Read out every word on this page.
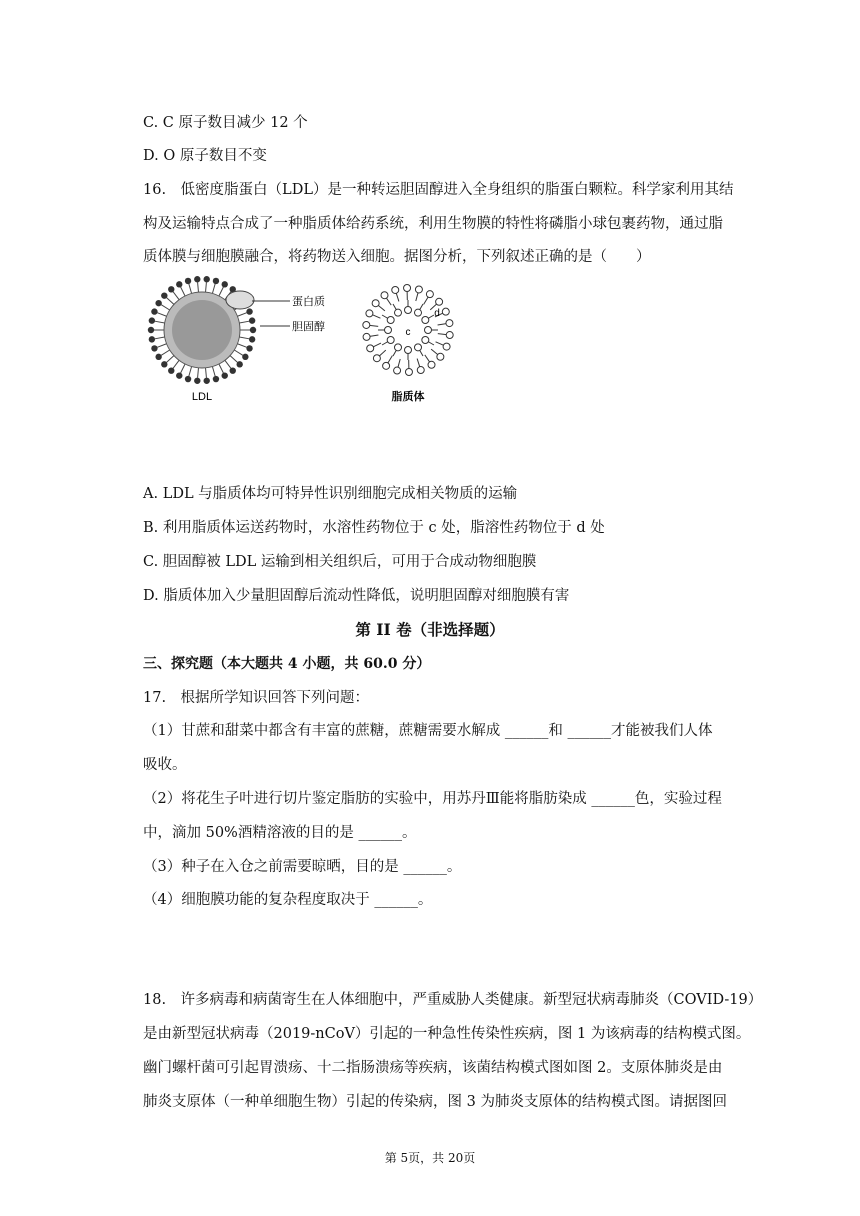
C. C 原子数目减少 12 个
D. O 原子数目不变
16.　低密度脂蛋白（LDL）是一种转运胆固醇进入全身组织的脂蛋白颗粒。科学家利用其结
构及运输特点合成了一种脂质体给药系统，利用生物膜的特性将磷脂小球包裹药物，通过脂
质体膜与细胞膜融合，将药物送入细胞。据图分析，下列叙述正确的是（　　）
LDL
蛋白质
胆固醇	c
d
脂质体
A. LDL 与脂质体均可特异性识别细胞完成相关物质的运输
B. 利用脂质体运送药物时，水溶性药物位于 c 处，脂溶性药物位于 d 处
C. 胆固醇被 LDL 运输到相关组织后，可用于合成动物细胞膜
D. 脂质体加入少量胆固醇后流动性降低，说明胆固醇对细胞膜有害
第 II 卷（非选择题）
三、探究题（本大题共 4 小题，共 60.0 分）
17.　根据所学知识回答下列问题：
（1）甘蔗和甜菜中都含有丰富的蔗糖，蔗糖需要水解成 ______和 ______才能被我们人体
吸收。
（2）将花生子叶进行切片鉴定脂肪的实验中，用苏丹Ⅲ能将脂肪染成 ______色，实验过程
中，滴加 50%酒精溶液的目的是 ______。
（3）种子在入仓之前需要晾晒，目的是 ______。
（4）细胞膜功能的复杂程度取决于 ______。
18.　许多病毒和病菌寄生在人体细胞中，严重威胁人类健康。新型冠状病毒肺炎（COVID-19）
是由新型冠状病毒（2019-nCoV）引起的一种急性传染性疾病，图 1 为该病毒的结构模式图。
幽门螺杆菌可引起胃溃疡、十二指肠溃疡等疾病，该菌结构模式图如图 2。支原体肺炎是由
肺炎支原体（一种单细胞生物）引起的传染病，图 3 为肺炎支原体的结构模式图。请据图回
第 5页，共 20页
